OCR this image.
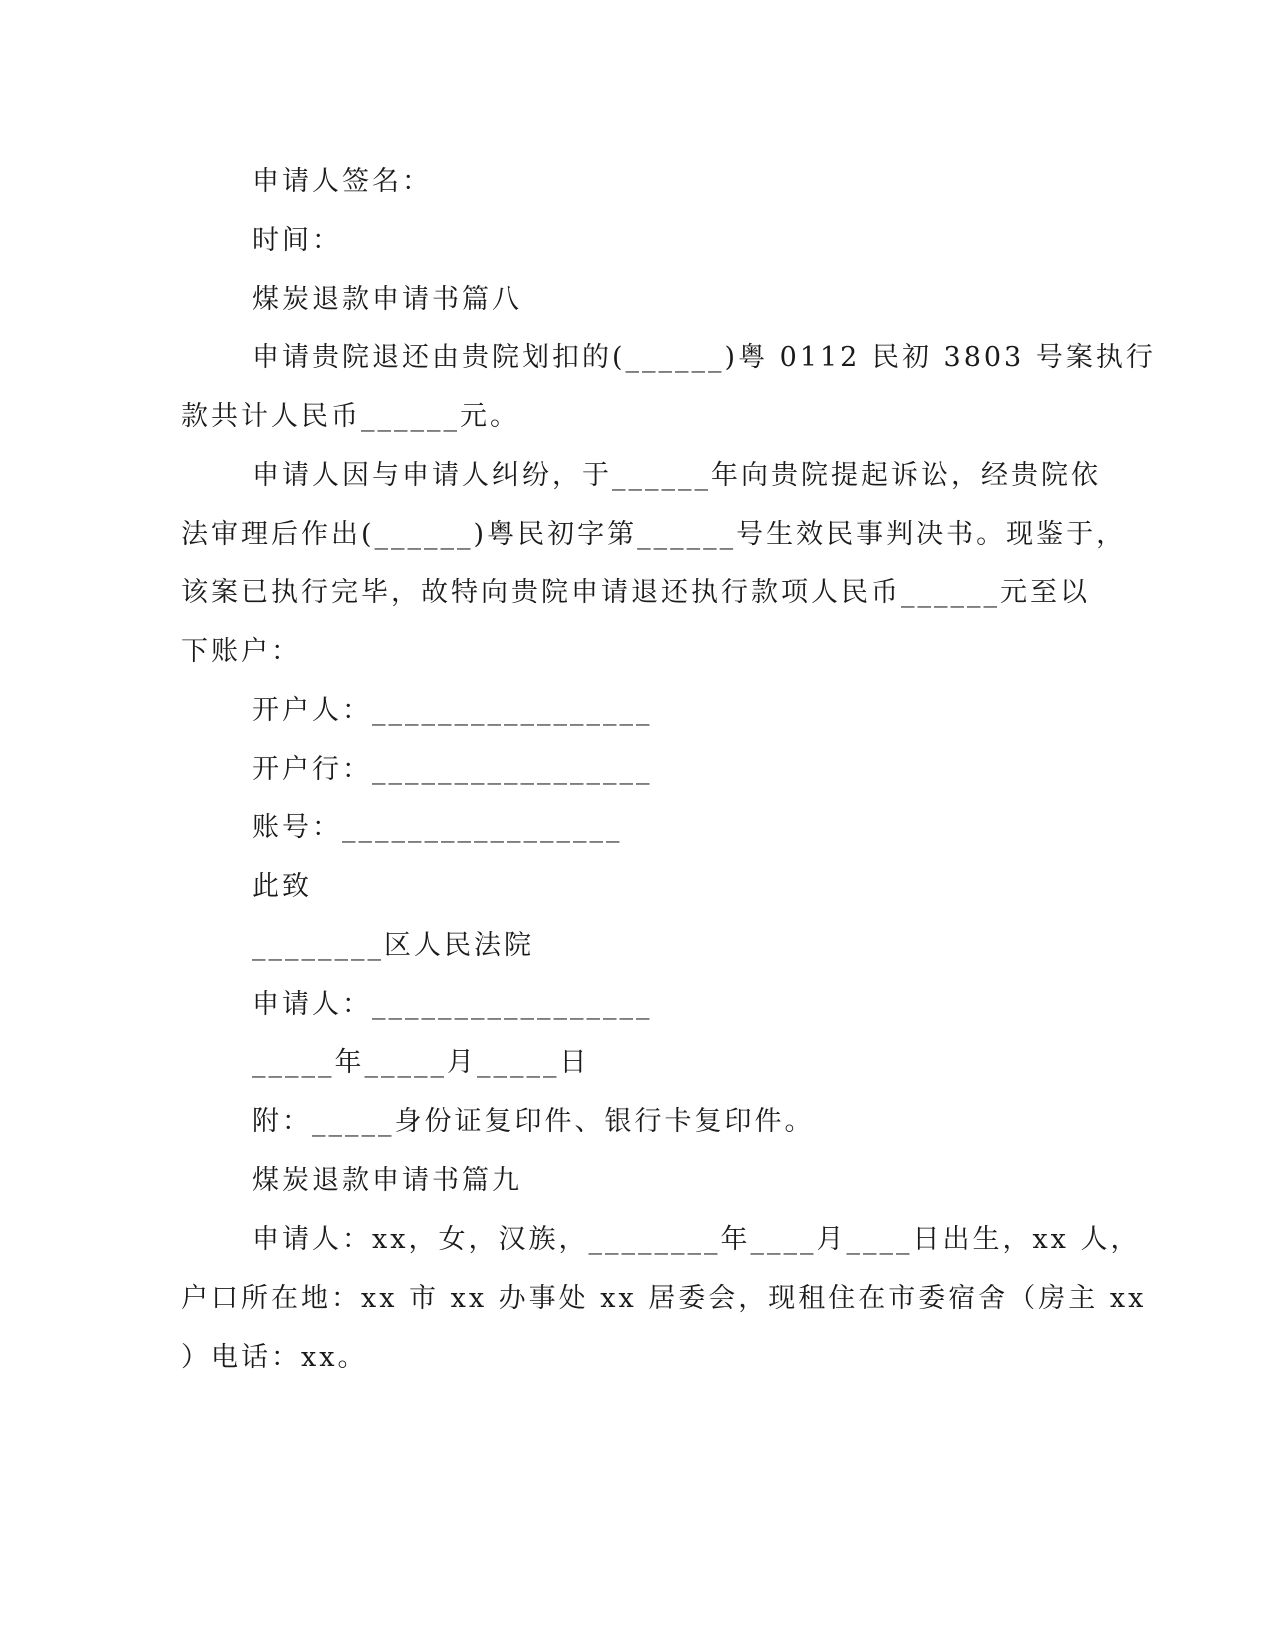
申请人签名：
时间：
煤炭退款申请书篇八
申请贵院退还由贵院划扣的(______)粤 0112 民初 3803 号案执行
款共计人民币______元。
申请人因与申请人纠纷，于______年向贵院提起诉讼，经贵院依
法审理后作出(______)粤民初字第______号生效民事判决书。现鉴于，
该案已执行完毕，故特向贵院申请退还执行款项人民币______元至以
下账户：
开户人：_________________
开户行：_________________
账号：_________________
此致
________区人民法院
申请人：_________________
_____年_____月_____日
附：_____身份证复印件、银行卡复印件。
煤炭退款申请书篇九
申请人：xx，女，汉族，________年____月____日出生，xx 人，
户口所在地：xx 市 xx 办事处 xx 居委会，现租住在市委宿舍（房主 xx
）电话：xx。
